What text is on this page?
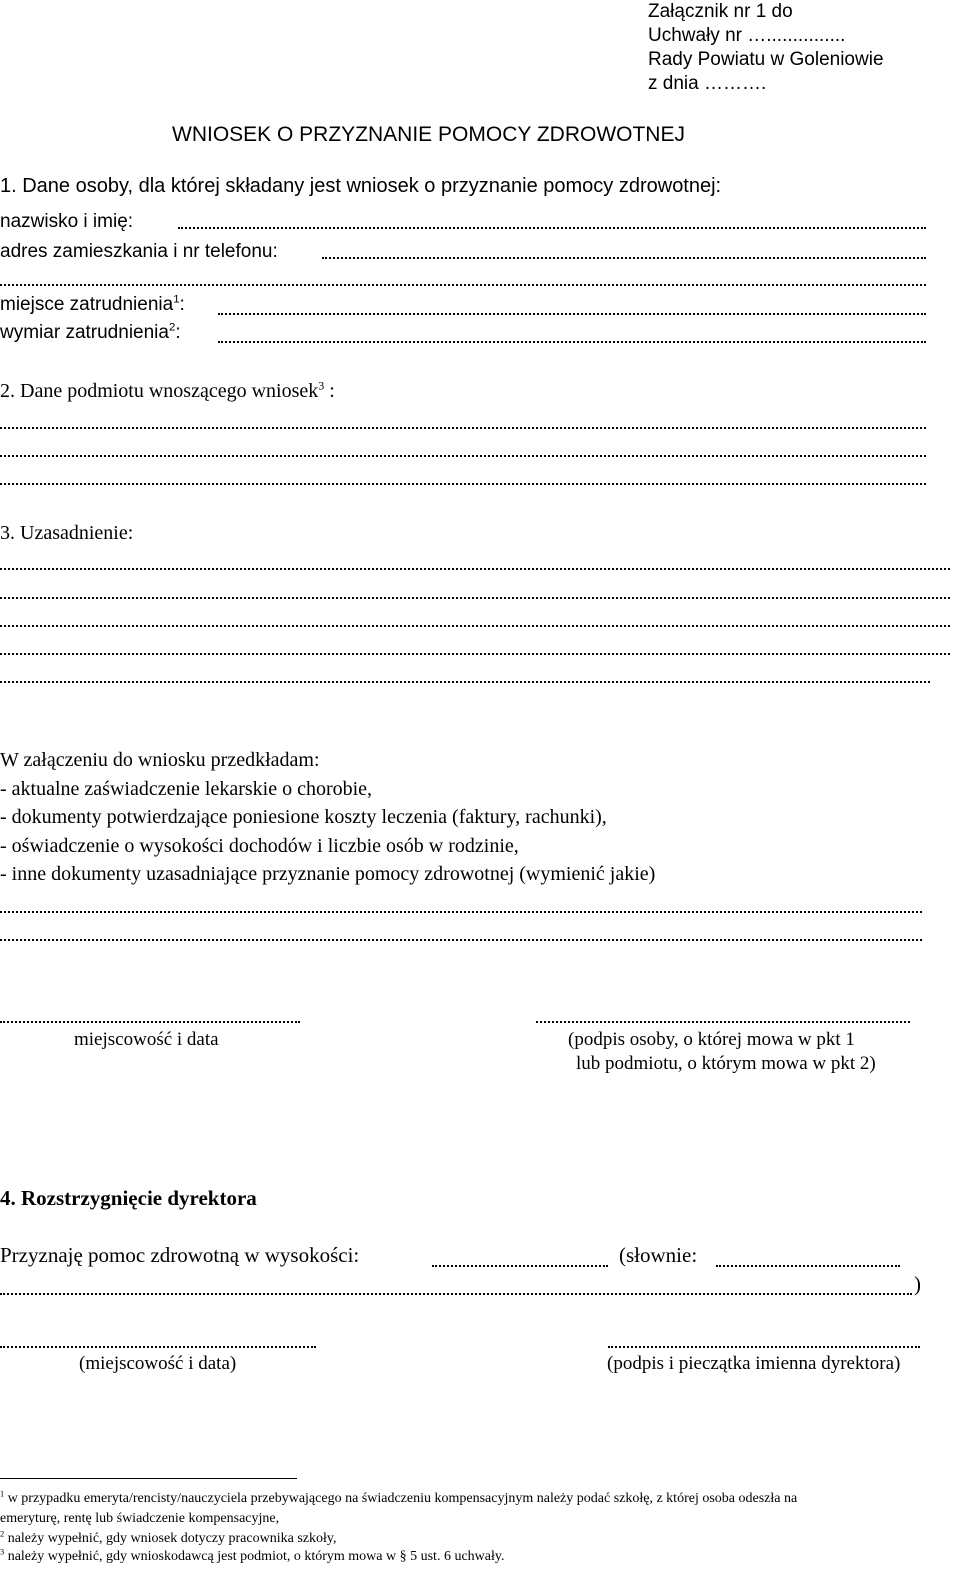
Załącznik nr 1 do
Uchwały nr …...............
Rady Powiatu w Goleniowie
z dnia ……….
WNIOSEK O PRZYZNANIE POMOCY ZDROWOTNEJ
1. Dane osoby, dla której składany jest wniosek o przyznanie pomocy zdrowotnej:
nazwisko i imię:
adres zamieszkania i nr telefonu:
miejsce zatrudnienia$^1$:
wymiar zatrudnienia$^2$:
2. Dane podmiotu wnoszącego wniosek$^3$ :
3. Uzasadnienie:
W załączeniu do wniosku przedkładam:
- aktualne zaświadczenie lekarskie o chorobie,
- dokumenty potwierdzające poniesione koszty leczenia (faktury, rachunki),
- oświadczenie o wysokości dochodów i liczbie osób w rodzinie,
- inne dokumenty uzasadniające przyznanie pomocy zdrowotnej (wymienić jakie)
miejscowość i data	(podpis osoby, o której mowa w pkt 1
lub podmiotu, o którym mowa w pkt 2)
4. Rozstrzygnięcie dyrektora
Przyznaję pomoc zdrowotną w wysokości:	(słownie:
)
(miejscowość i data)	(podpis i pieczątka imienna dyrektora)
$^1$ w przypadku emeryta/rencisty/nauczyciela przebywającego na świadczeniu kompensacyjnym należy podać szkołę, z której osoba odeszła na
emeryturę, rentę lub świadczenie kompensacyjne,
$^2$ należy wypełnić, gdy wniosek dotyczy pracownika szkoły,
$^3$ należy wypełnić, gdy wnioskodawcą jest podmiot, o którym mowa w § 5 ust. 6 uchwały.
